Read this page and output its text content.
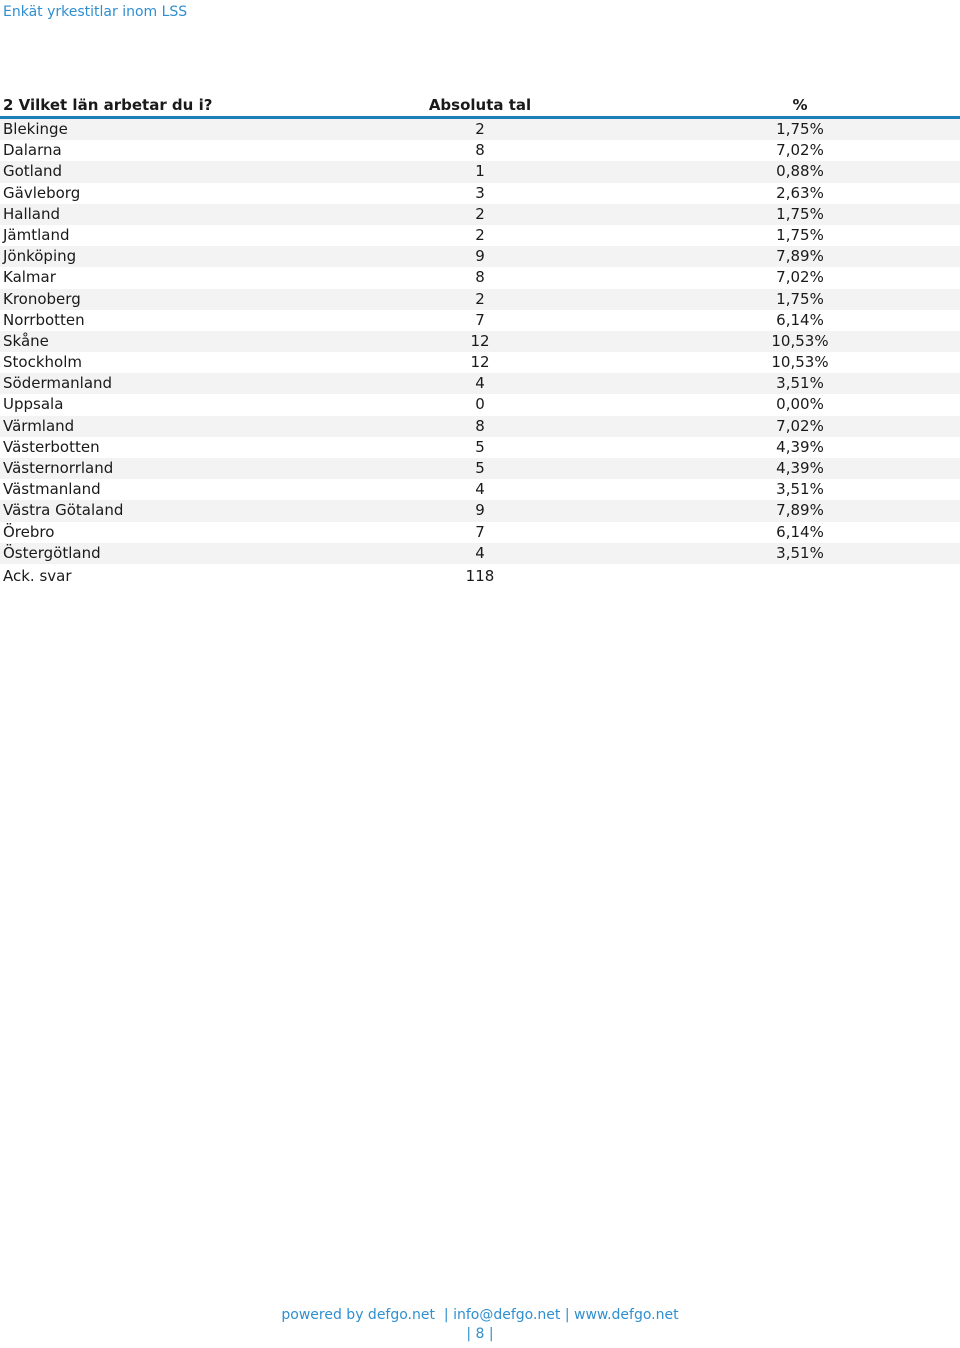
Enkät yrkestitlar inom LSS
2 Vilket län arbetar du i?	Absoluta tal	%
Blekinge	2	1,75%
Dalarna	8	7,02%
Gotland	1	0,88%
Gävleborg	3	2,63%
Halland	2	1,75%
Jämtland	2	1,75%
Jönköping	9	7,89%
Kalmar	8	7,02%
Kronoberg	2	1,75%
Norrbotten	7	6,14%
Skåne	12	10,53%
Stockholm	12	10,53%
Södermanland	4	3,51%
Uppsala	0	0,00%
Värmland	8	7,02%
Västerbotten	5	4,39%
Västernorrland	5	4,39%
Västmanland	4	3,51%
Västra Götaland	9	7,89%
Örebro	7	6,14%
Östergötland	4	3,51%
Ack. svar	118
powered by defgo.net  | info@defgo.net | www.defgo.net
| 8 |
